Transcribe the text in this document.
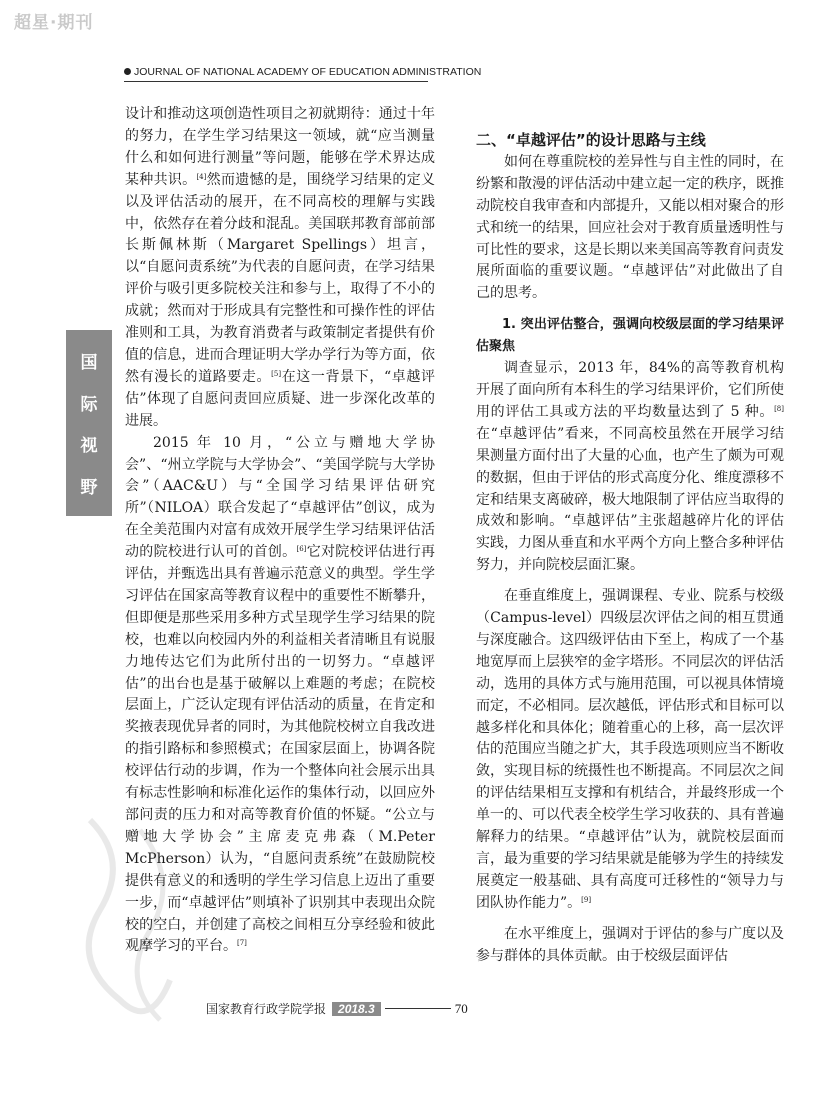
超星·期刊
JOURNAL OF NATIONAL ACADEMY OF EDUCATION ADMINISTRATION
国
际
视
野

设计和推动这项创造性项目之初就期待：通过十年的努力，在学生学习结果这一领域，就“应当测量什么和如何进行测量”等问题，能够在学术界达成某种共识。[4]然而遗憾的是，围绕学习结果的定义以及评估活动的展开，在不同高校的理解与实践中，依然存在着分歧和混乱。美国联邦教育部前部长斯佩林斯（Margaret Spellings）坦言，以“自愿问责系统”为代表的自愿问责，在学习结果评价与吸引更多院校关注和参与上，取得了不小的成就；然而对于形成具有完整性和可操作性的评估准则和工具，为教育消费者与政策制定者提供有价值的信息，进而合理证明大学办学行为等方面，依然有漫长的道路要走。[5]在这一背景下，“卓越评估”体现了自愿问责回应质疑、进一步深化改革的进展。

2015 年 10 月，“公立与赠地大学协会”、“州立学院与大学协会”、“美国学院与大学协会”（AAC&U）与“全国学习结果评估研究所”（NILOA）联合发起了“卓越评估”创议，成为在全美范围内对富有成效开展学生学习结果评估活动的院校进行认可的首创。[6]它对院校评估进行再评估，并甄选出具有普遍示范意义的典型。学生学习评估在国家高等教育议程中的重要性不断攀升，但即便是那些采用多种方式呈现学生学习结果的院校，也难以向校园内外的利益相关者清晰且有说服力地传达它们为此所付出的一切努力。“卓越评估”的出台也是基于破解以上难题的考虑；在院校层面上，广泛认定现有评估活动的质量，在肯定和奖掖表现优异者的同时，为其他院校树立自我改进的指引路标和参照模式；在国家层面上，协调各院校评估行动的步调，作为一个整体向社会展示出具有标志性影响和标准化运作的集体行动，以回应外部问责的压力和对高等教育价值的怀疑。“公立与赠地大学协会”主席麦克弗森（M.Peter McPherson）认为，“自愿问责系统”在鼓励院校提供有意义的和透明的学生学习信息上迈出了重要一步，而“卓越评估”则填补了识别其中表现出众院校的空白，并创建了高校之间相互分享经验和彼此观摩学习的平台。[7]

二、“卓越评估”的设计思路与主线

如何在尊重院校的差异性与自主性的同时，在纷繁和散漫的评估活动中建立起一定的秩序，既推动院校自我审查和内部提升，又能以相对聚合的形式和统一的结果，回应社会对于教育质量透明性与可比性的要求，这是长期以来美国高等教育问责发展所面临的重要议题。“卓越评估”对此做出了自己的思考。

1. 突出评估整合，强调向校级层面的学习结果评估聚焦

调查显示，2013 年，84%的高等教育机构开展了面向所有本科生的学习结果评价，它们所使用的评估工具或方法的平均数量达到了 5 种。[8]在“卓越评估”看来，不同高校虽然在开展学习结果测量方面付出了大量的心血，也产生了颇为可观的数据，但由于评估的形式高度分化、维度漂移不定和结果支离破碎，极大地限制了评估应当取得的成效和影响。“卓越评估”主张超越碎片化的评估实践，力图从垂直和水平两个方向上整合多种评估努力，并向院校层面汇聚。

在垂直维度上，强调课程、专业、院系与校级（Campus-level）四级层次评估之间的相互贯通与深度融合。这四级评估由下至上，构成了一个基地宽厚而上层狭窄的金字塔形。不同层次的评估活动，选用的具体方式与施用范围，可以视具体情境而定，不必相同。层次越低，评估形式和目标可以越多样化和具体化；随着重心的上移，高一层次评估的范围应当随之扩大，其手段选项则应当不断收敛，实现目标的统摄性也不断提高。不同层次之间的评估结果相互支撑和有机结合，并最终形成一个单一的、可以代表全校学生学习收获的、具有普遍解释力的结果。“卓越评估”认为，就院校层面而言，最为重要的学习结果就是能够为学生的持续发展奠定一般基础、具有高度可迁移性的“领导力与团队协作能力”。[9]

在水平维度上，强调对于评估的参与广度以及参与群体的具体贡献。由于校级层面评估

国家教育行政学院学报	2018.3	70
